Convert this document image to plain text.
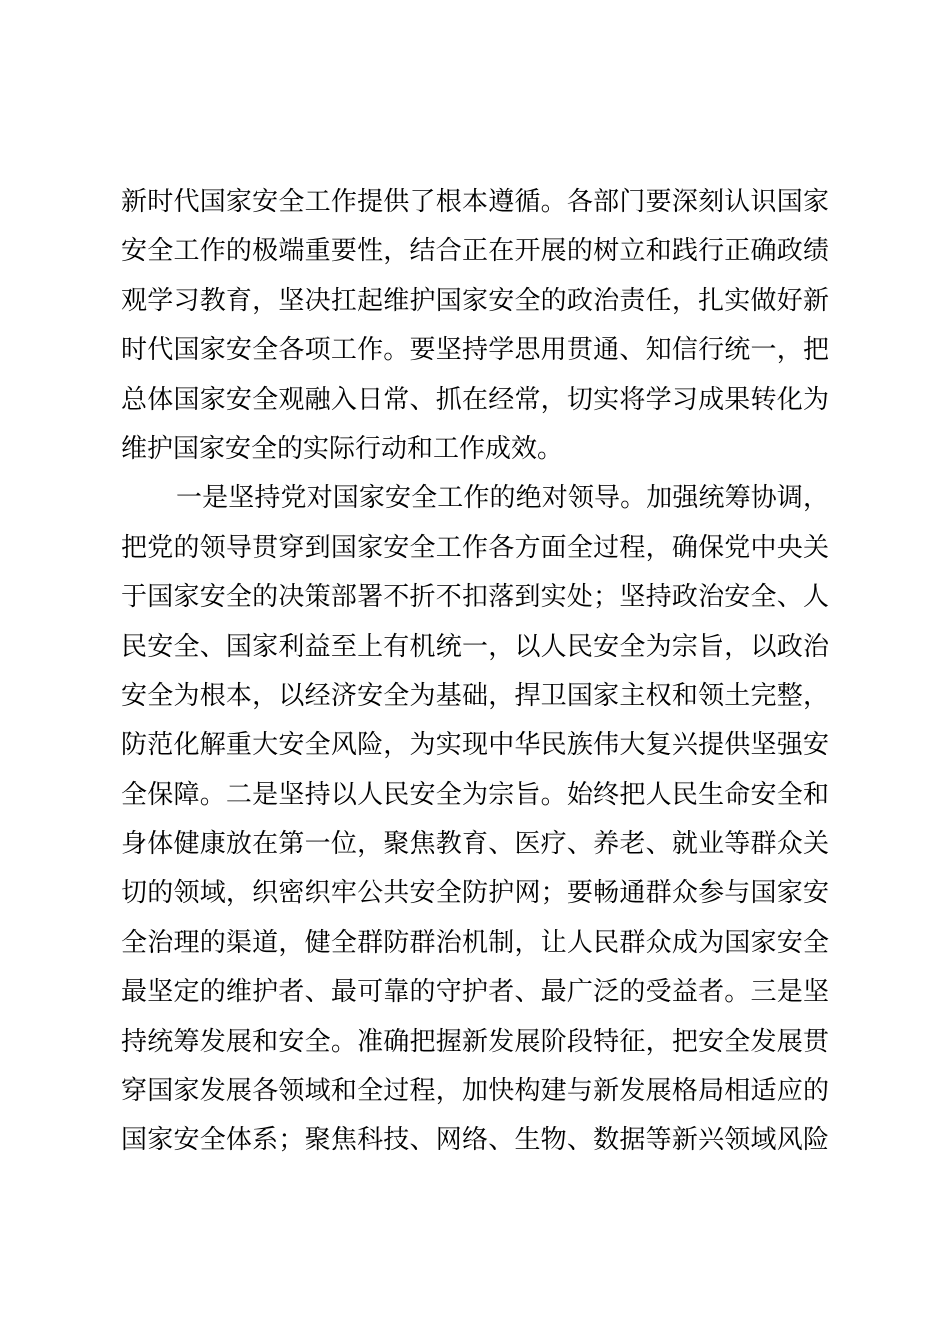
新时代国家安全工作提供了根本遵循。各部门要深刻认识国家
安全工作的极端重要性，结合正在开展的树立和践行正确政绩
观学习教育，坚决扛起维护国家安全的政治责任，扎实做好新
时代国家安全各项工作。要坚持学思用贯通、知信行统一，把
总体国家安全观融入日常、抓在经常，切实将学习成果转化为
维护国家安全的实际行动和工作成效。
一是坚持党对国家安全工作的绝对领导。加强统筹协调，
把党的领导贯穿到国家安全工作各方面全过程，确保党中央关
于国家安全的决策部署不折不扣落到实处；坚持政治安全、人
民安全、国家利益至上有机统一，以人民安全为宗旨，以政治
安全为根本，以经济安全为基础，捍卫国家主权和领土完整，
防范化解重大安全风险，为实现中华民族伟大复兴提供坚强安
全保障。二是坚持以人民安全为宗旨。始终把人民生命安全和
身体健康放在第一位，聚焦教育、医疗、养老、就业等群众关
切的领域，织密织牢公共安全防护网；要畅通群众参与国家安
全治理的渠道，健全群防群治机制，让人民群众成为国家安全
最坚定的维护者、最可靠的守护者、最广泛的受益者。三是坚
持统筹发展和安全。准确把握新发展阶段特征，把安全发展贯
穿国家发展各领域和全过程，加快构建与新发展格局相适应的
国家安全体系；聚焦科技、网络、生物、数据等新兴领域风险
